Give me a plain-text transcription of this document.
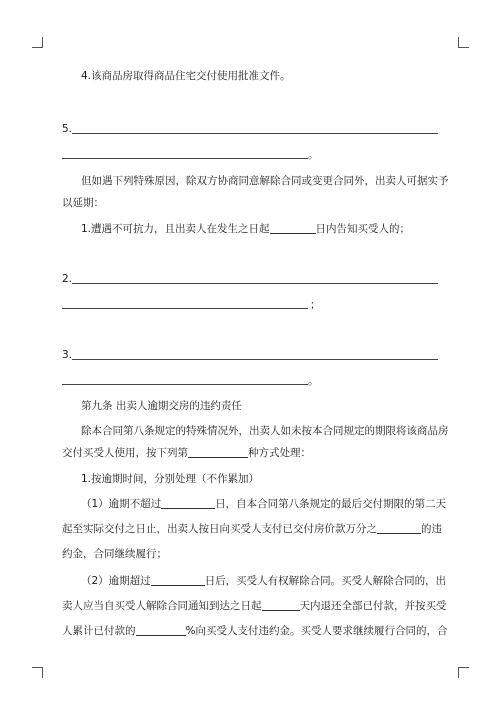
4.该商品房取得商品住宅交付使用批准文件。
5.
。
但如遇下列特殊原因，除双方协商同意解除合同或变更合同外，出卖人可据实予
以延期：
1.遭遇不可抗力，且出卖人在发生之日起	日内告知买受人的；
2.
；
3.
。
第九条 出卖人逾期交房的违约责任
除本合同第八条规定的特殊情况外，出卖人如未按本合同规定的期限将该商品房
交付买受人使用，按下列第	种方式处理：
1.按逾期时间，分别处理（不作累加）
（1）逾期不超过	日，自本合同第八条规定的最后交付期限的第二天
起至实际交付之日止，出卖人按日向买受人支付已交付房价款万分之	的违
约金，合同继续履行；
（2）逾期超过	日后，买受人有权解除合同。买受人解除合同的，出
卖人应当自买受人解除合同通知到达之日起	天内退还全部已付款，并按买受
人累计已付款的	%向买受人支付违约金。买受人要求继续履行合同的，合
